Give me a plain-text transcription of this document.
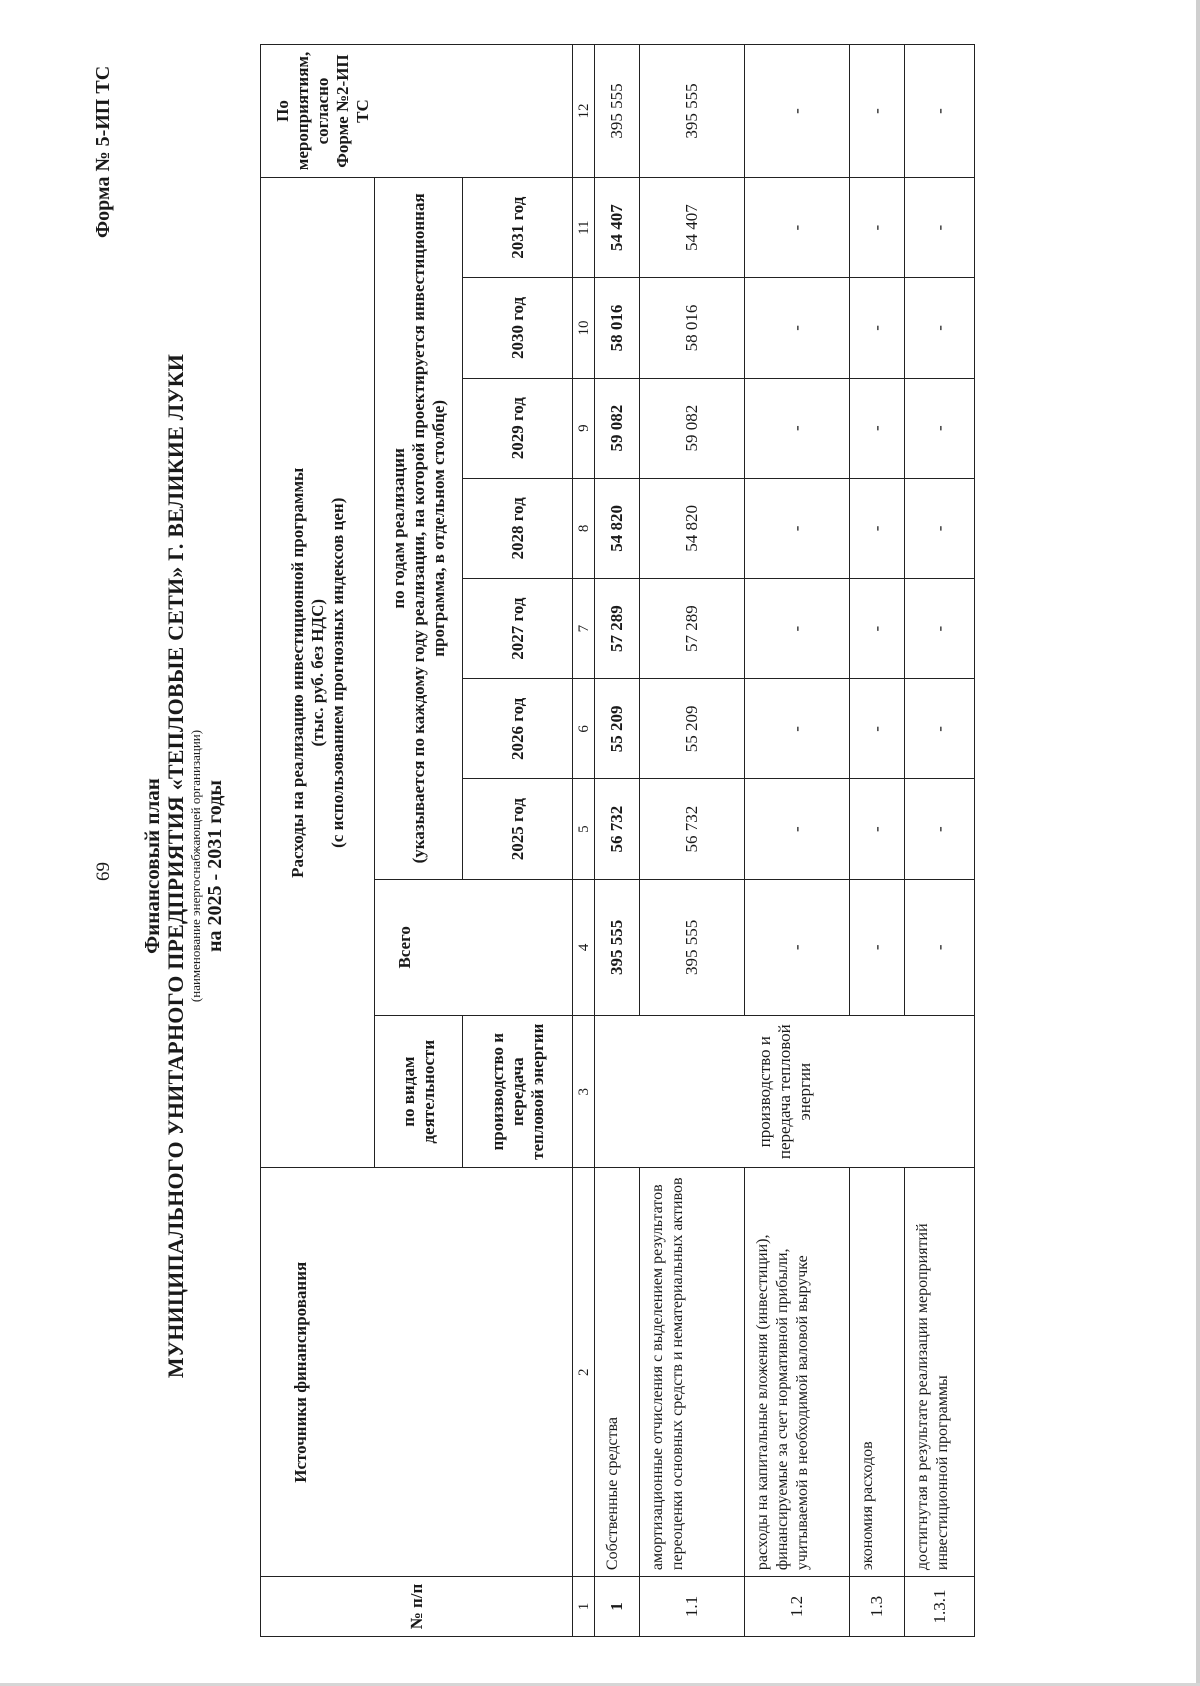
69
Форма № 5-ИП ТС
Финансовый план МУНИЦИПАЛЬНОГО УНИТАРНОГО ПРЕДПРИЯТИЯ «ТЕПЛОВЫЕ СЕТИ» Г. ВЕЛИКИЕ ЛУКИ (наименование энергоснабжающей организации) на 2025 - 2031 годы
№ п/п	Источники финансирования	Расходы на реализацию инвестиционной программы (тыс. руб. без НДС) (с использованием прогнозных индексов цен)									По мероприятиям, согласно Форме №2-ИП ТС
		по видам деятельности	Всего	по годам реализации (указывается по каждому году реализации, на которой проектируется инвестиционная программа, в отдельном столбце)							

		производство и передача тепловой энергии		2025 год	2026 год	2027 год	2028 год	2029 год	2030 год	2031 год	
1	2	3	4	5	6	7	8	9	10	11	12
1	Собственные средства	производство и передача тепловой энергии	395 555	56 732	55 209	57 289	54 820	59 082	58 016	54 407	395 555
1.1	амортизационные отчисления с выделением результатов переоценки основных средств и нематериальных активов		395 555	56 732	55 209	57 289	54 820	59 082	58 016	54 407	395 555
1.2	расходы на капитальные вложения (инвестиции), финансируемые за счет нормативной прибыли, учитываемой в необходимой валовой выручке		-	-	-	-	-	-	-	-	-
1.3	экономия расходов		-	-	-	-	-	-	-	-	-
1.3.1	достигнутая в результате реализации мероприятий инвестиционной программы		-	-	-	-	-	-	-	-	-
